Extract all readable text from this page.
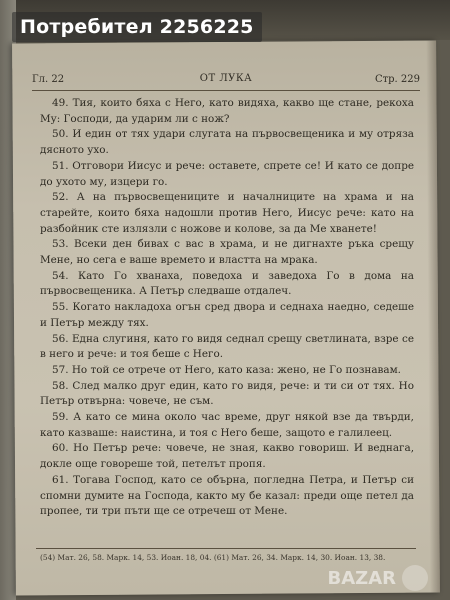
Потребител 2256225
Гл. 22	ОТ ЛУКА	Стр. 229

49. Тия, които бяха с Него, като видяха, какво ще стане, рекоха Му: Господи, да ударим ли с нож?

50. И един от тях удари слугата на първосвещеника и му отряза дясното ухо.

51. Отговори Иисус и рече: оставете, спрете се! И като се допре до ухото му, изцери го.

52. А на първосвещениците и началниците на храма и на старейте, които бяха надошли против Него, Иисус рече: като на разбойник сте излязли с ножове и колове, за да Ме хванете!

53. Всеки ден бивах с вас в храма, и не дигнахте ръка срещу Мене, но сега е ваше времето и властта на мрака.

54. Като Го хванаха, поведоха и заведоха Го в дома на първосвещеника. А Петър следваше отдалеч.

55. Когато накладоха огън сред двора и седнаха наедно, седеше и Петър между тях.

56. Една слугиня, като го видя седнал срещу светлината, взре се в него и рече: и тоя беше с Него.

57. Но той се отрече от Него, като каза: жено, не Го познавам.

58. След малко друг един, като го видя, рече: и ти си от тях. Но Петър отвърна: човече, не съм.

59. А като се мина около час време, друг някой взе да твърди, като казваше: наистина, и тоя с Него беше, защото е галилеец.

60. Но Петър рече: човече, не зная, какво говориш. И веднага, докле още говореше той, петелът пропя.

61. Тогава Господ, като се обърна, погледна Петра, и Петър си спомни думите на Господа, както му бе казал: преди още петел да пропее, ти три пъти ще се отречеш от Мене.

(54) Мат. 26, 58. Марк. 14, 53. Иоан. 18, 04. (61) Мат. 26, 34. Марк. 14, 30. Иоан. 13, 38.
BAZAR
